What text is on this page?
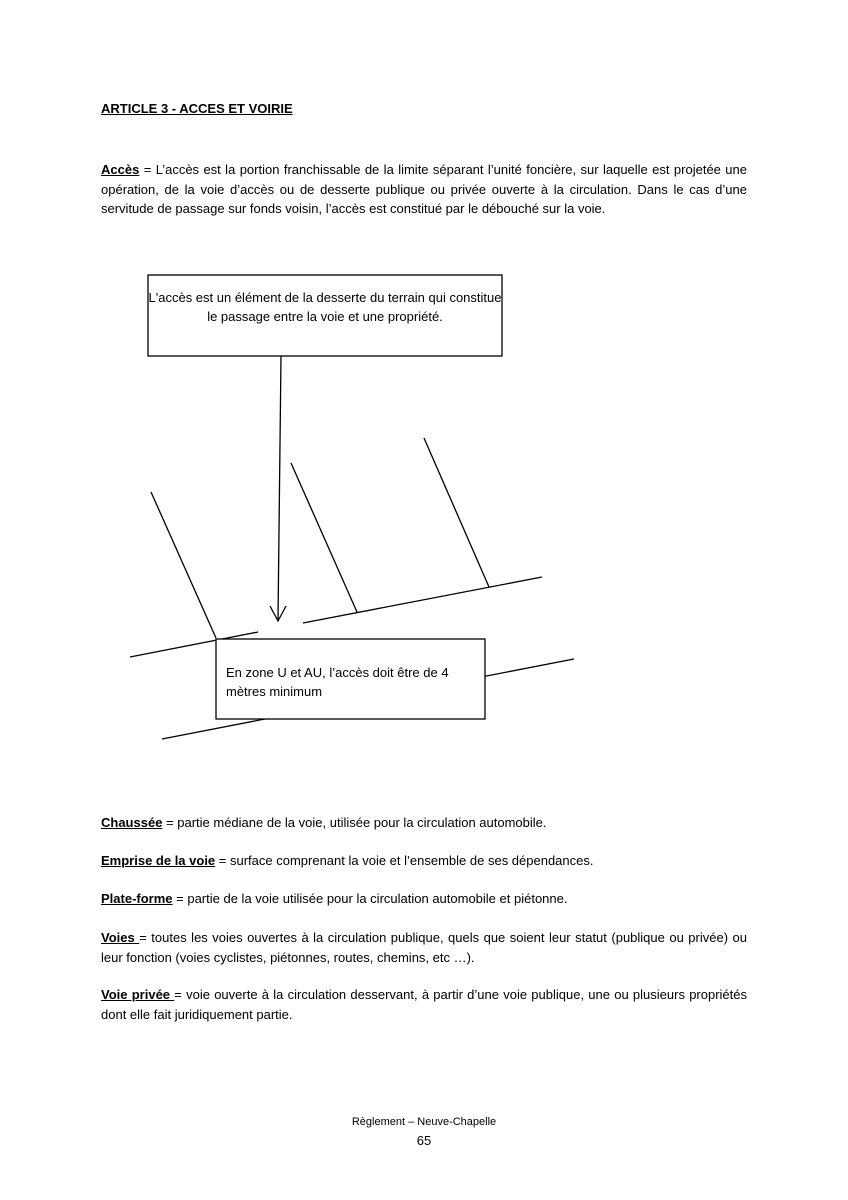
ARTICLE 3 - ACCES ET VOIRIE
Accès = L’accès est la portion franchissable de la limite séparant l’unité foncière, sur laquelle est projetée une opération, de la voie d’accès ou de desserte publique ou privée ouverte à la circulation. Dans le cas d’une servitude de passage sur fonds voisin, l’accès est constitué par le débouché sur la voie.
L'accès est un élément de la desserte du terrain qui constitue le passage entre la voie et une propriété.
En zone U et AU, l’accès doit être de 4 mètres minimum
Chaussée = partie médiane de la voie, utilisée pour la circulation automobile.
Emprise de la voie = surface comprenant la voie et l’ensemble de ses dépendances.
Plate-forme = partie de la voie utilisée pour la circulation automobile et piétonne.
Voies = toutes les voies ouvertes à la circulation publique, quels que soient leur statut (publique ou privée) ou leur fonction (voies cyclistes, piétonnes, routes, chemins, etc …).
Voie privée = voie ouverte à la circulation desservant, à partir d’une voie publique, une ou plusieurs propriétés dont elle fait juridiquement partie.
Règlement – Neuve-Chapelle
65
